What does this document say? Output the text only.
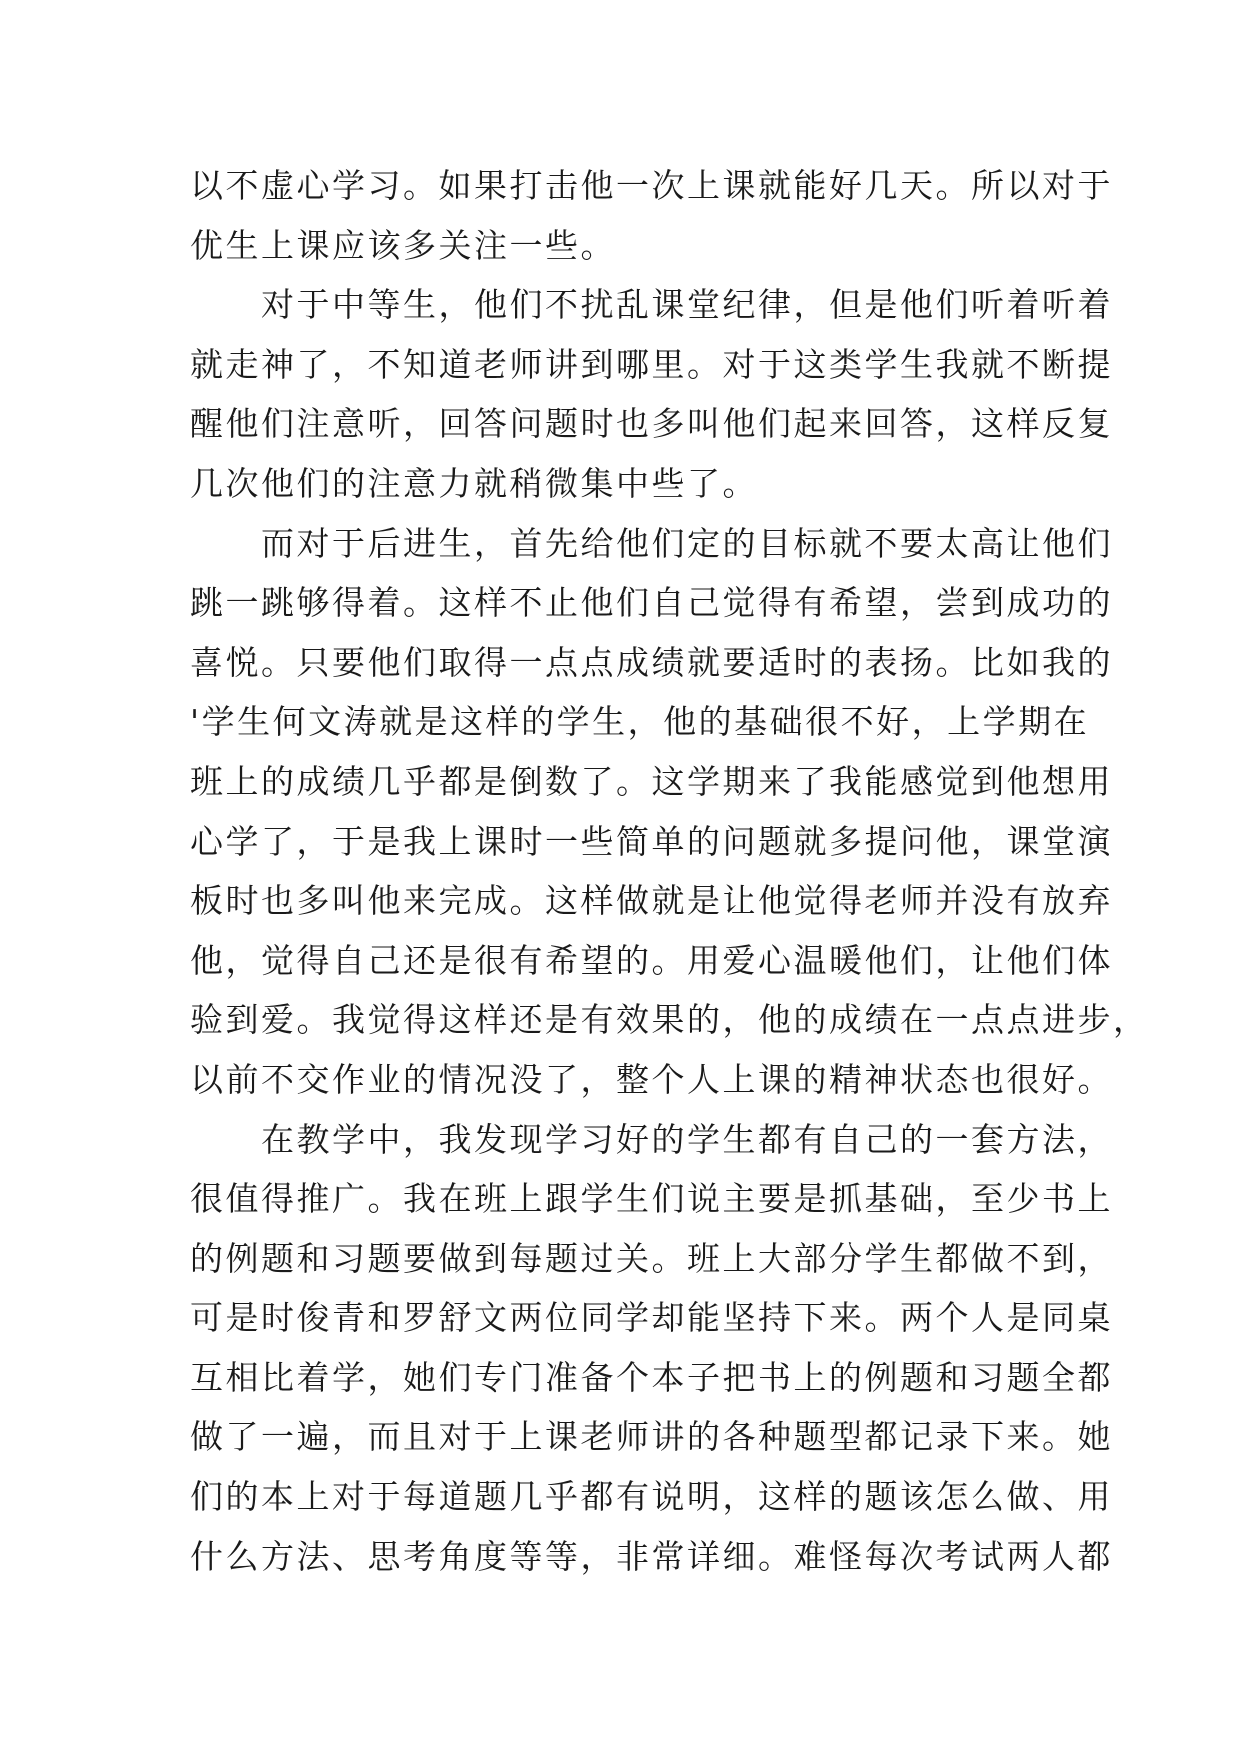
以不虚心学习。如果打击他一次上课就能好几天。所以对于
优生上课应该多关注一些。
　　对于中等生，他们不扰乱课堂纪律，但是他们听着听着
就走神了，不知道老师讲到哪里。对于这类学生我就不断提
醒他们注意听，回答问题时也多叫他们起来回答，这样反复
几次他们的注意力就稍微集中些了。
　　而对于后进生，首先给他们定的目标就不要太高让他们
跳一跳够得着。这样不止他们自己觉得有希望，尝到成功的
喜悦。只要他们取得一点点成绩就要适时的表扬。比如我的
'学生何文涛就是这样的学生，他的基础很不好，上学期在
班上的成绩几乎都是倒数了。这学期来了我能感觉到他想用
心学了，于是我上课时一些简单的问题就多提问他，课堂演
板时也多叫他来完成。这样做就是让他觉得老师并没有放弃
他，觉得自己还是很有希望的。用爱心温暖他们，让他们体
验到爱。我觉得这样还是有效果的，他的成绩在一点点进步，
以前不交作业的情况没了，整个人上课的精神状态也很好。
　　在教学中，我发现学习好的学生都有自己的一套方法，
很值得推广。我在班上跟学生们说主要是抓基础，至少书上
的例题和习题要做到每题过关。班上大部分学生都做不到，
可是时俊青和罗舒文两位同学却能坚持下来。两个人是同桌
互相比着学，她们专门准备个本子把书上的例题和习题全都
做了一遍，而且对于上课老师讲的各种题型都记录下来。她
们的本上对于每道题几乎都有说明，这样的题该怎么做、用
什么方法、思考角度等等，非常详细。难怪每次考试两人都
